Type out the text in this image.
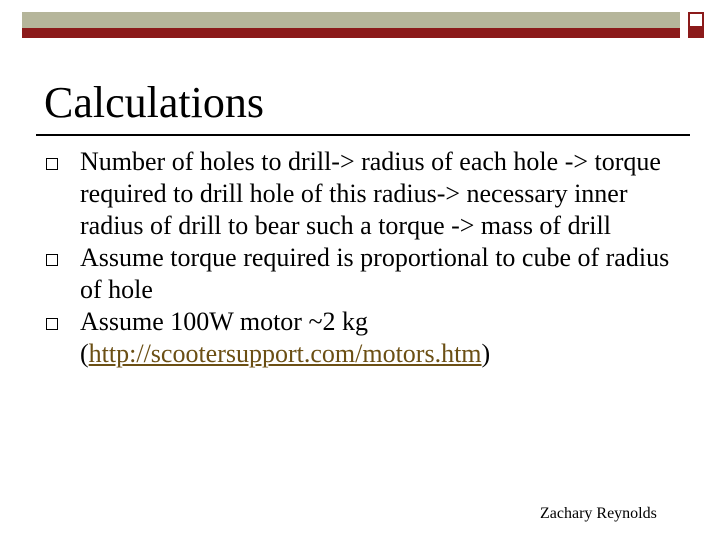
Calculations
Number of holes to drill-> radius of each hole -> torque required to drill hole of this radius-> necessary inner radius of drill to bear such a torque -> mass of drill
Assume torque required is proportional to cube of radius of hole
Assume 100W motor ~2 kg (http://scootersupport.com/motors.htm)
Zachary Reynolds
